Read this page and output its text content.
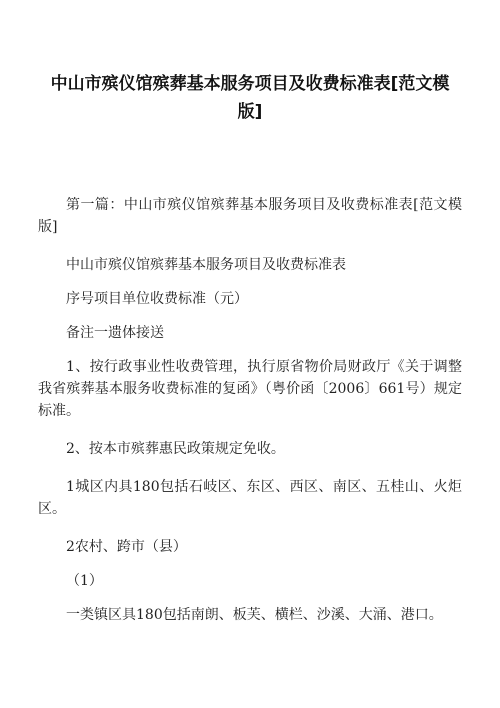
中山市殡仪馆殡葬基本服务项目及收费标准表[范文模版]

第一篇：中山市殡仪馆殡葬基本服务项目及收费标准表[范文模版]

中山市殡仪馆殡葬基本服务项目及收费标准表

序号项目单位收费标准（元）

备注一遗体接送

1、按行政事业性收费管理，执行原省物价局财政厅《关于调整我省殡葬基本服务收费标准的复函》（粤价函〔2006〕661号）规定标准。

2、按本市殡葬惠民政策规定免收。

1城区内具180包括石岐区、东区、西区、南区、五桂山、火炬区。

2农村、跨市（县）

（1）

一类镇区具180包括南朗、板芙、横栏、沙溪、大涌、港口。
